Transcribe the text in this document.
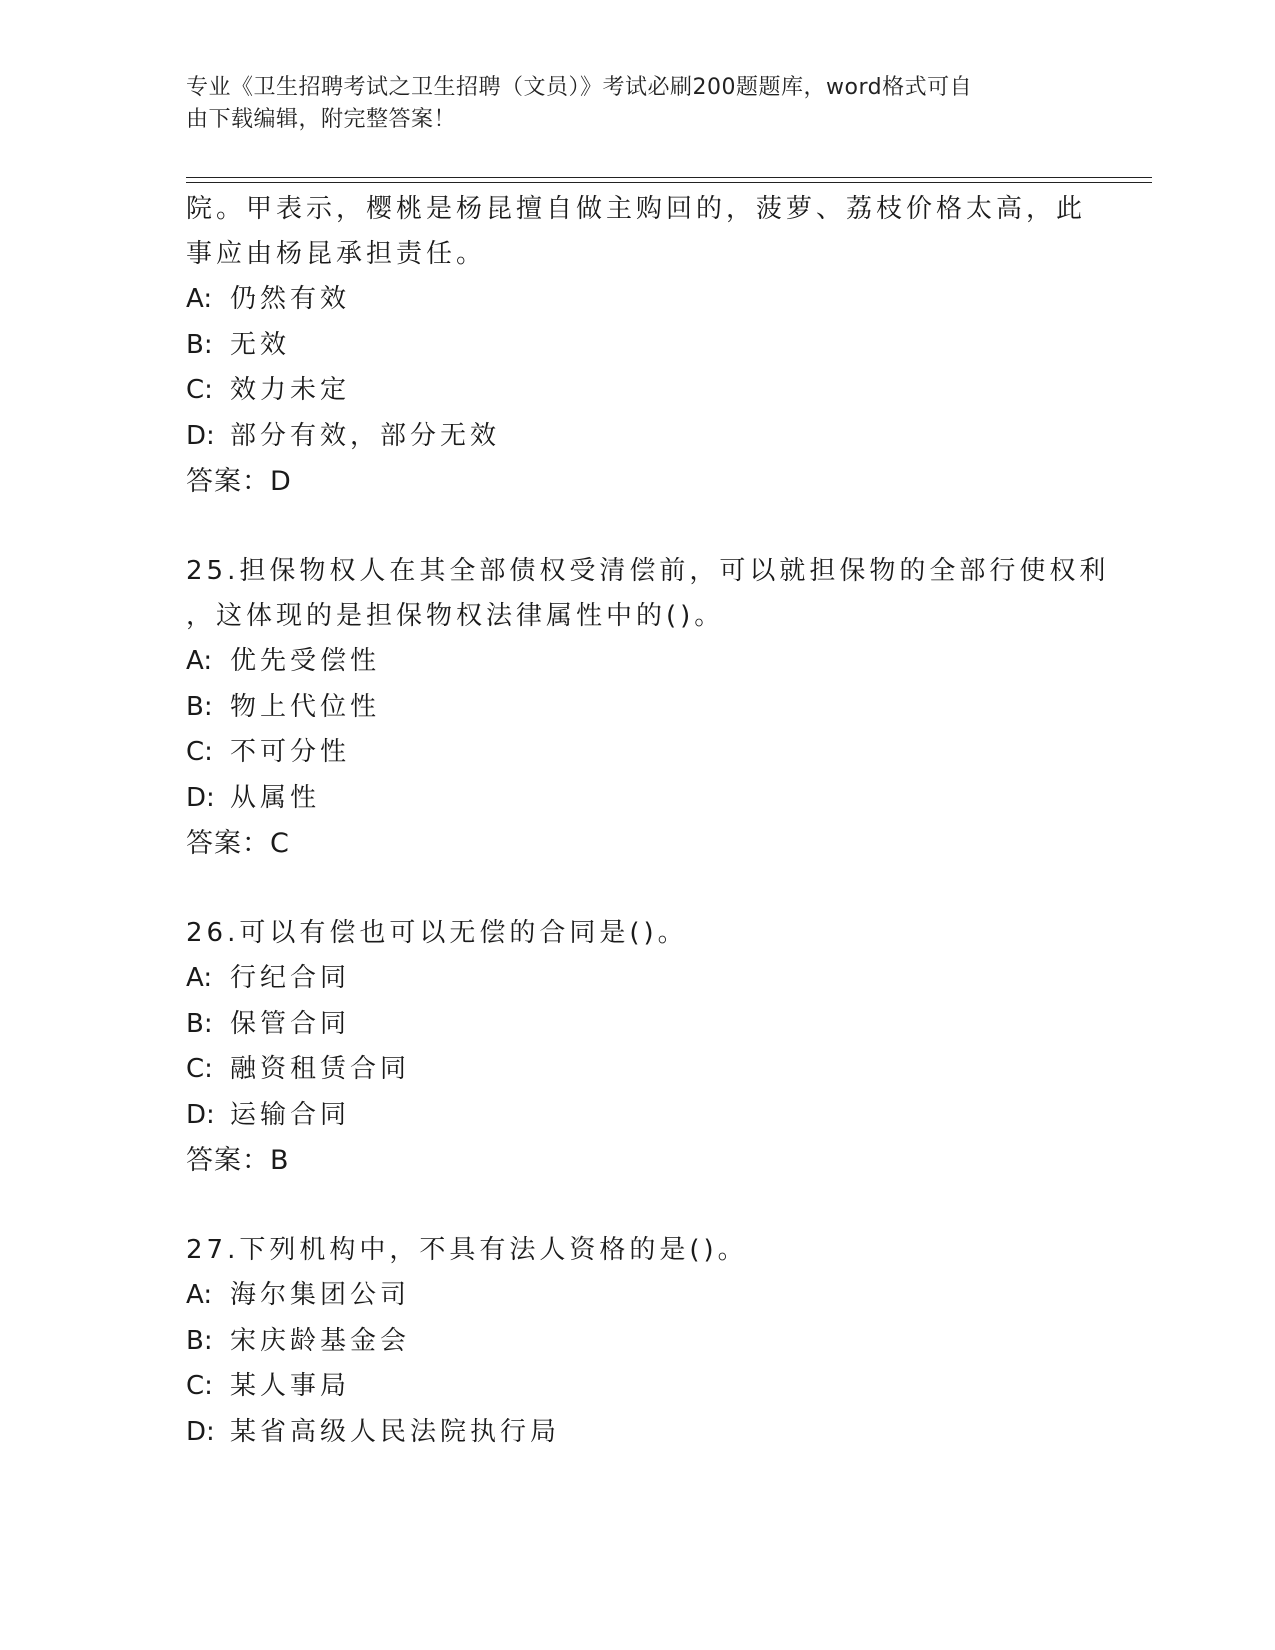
专业《卫生招聘考试之卫生招聘（文员）》考试必刷200题题库，word格式可自
由下载编辑，附完整答案！
院。甲表示，樱桃是杨昆擅自做主购回的，菠萝、荔枝价格太高，此
事应由杨昆承担责任。
A: 仍然有效
B: 无效
C: 效力未定
D: 部分有效，部分无效
答案：D
25.担保物权人在其全部债权受清偿前，可以就担保物的全部行使权利
，这体现的是担保物权法律属性中的()。
A: 优先受偿性
B: 物上代位性
C: 不可分性
D: 从属性
答案：C
26.可以有偿也可以无偿的合同是()。
A: 行纪合同
B: 保管合同
C: 融资租赁合同
D: 运输合同
答案：B
27.下列机构中，不具有法人资格的是()。
A: 海尔集团公司
B: 宋庆龄基金会
C: 某人事局
D: 某省高级人民法院执行局
